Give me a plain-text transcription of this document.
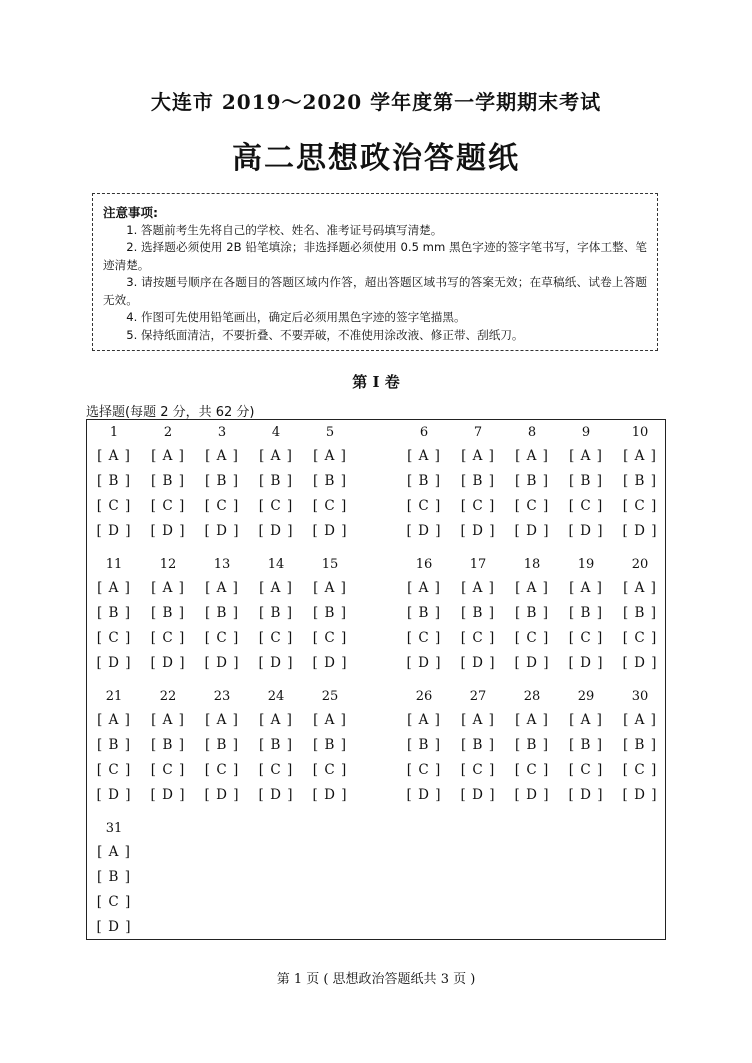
大连市 2019～2020 学年度第一学期期末考试
高二思想政治答题纸
注意事项:
1. 答题前考生先将自己的学校、姓名、准考证号码填写清楚。
2. 选择题必须使用 2B 铅笔填涂；非选择题必须使用 0.5 mm 黑色字迹的签字笔书写，字体工整、笔迹清楚。
3. 请按题号顺序在各题目的答题区域内作答，超出答题区域书写的答案无效；在草稿纸、试卷上答题无效。
4. 作图可先使用铅笔画出，确定后必须用黑色字迹的签字笔描黑。
5. 保持纸面清洁，不要折叠、不要弄破，不准使用涂改液、修正带、刮纸刀。
第 I 卷
选择题(每题 2 分，共 62 分)
1
[ A ]
[ B ]
[ C ]
[ D ]
2
[ A ]
[ B ]
[ C ]
[ D ]
3
[ A ]
[ B ]
[ C ]
[ D ]
4
[ A ]
[ B ]
[ C ]
[ D ]
5
[ A ]
[ B ]
[ C ]
[ D ]
6
[ A ]
[ B ]
[ C ]
[ D ]
7
[ A ]
[ B ]
[ C ]
[ D ]
8
[ A ]
[ B ]
[ C ]
[ D ]
9
[ A ]
[ B ]
[ C ]
[ D ]
10
[ A ]
[ B ]
[ C ]
[ D ]
11
[ A ]
[ B ]
[ C ]
[ D ]
12
[ A ]
[ B ]
[ C ]
[ D ]
13
[ A ]
[ B ]
[ C ]
[ D ]
14
[ A ]
[ B ]
[ C ]
[ D ]
15
[ A ]
[ B ]
[ C ]
[ D ]
16
[ A ]
[ B ]
[ C ]
[ D ]
17
[ A ]
[ B ]
[ C ]
[ D ]
18
[ A ]
[ B ]
[ C ]
[ D ]
19
[ A ]
[ B ]
[ C ]
[ D ]
20
[ A ]
[ B ]
[ C ]
[ D ]
21
[ A ]
[ B ]
[ C ]
[ D ]
22
[ A ]
[ B ]
[ C ]
[ D ]
23
[ A ]
[ B ]
[ C ]
[ D ]
24
[ A ]
[ B ]
[ C ]
[ D ]
25
[ A ]
[ B ]
[ C ]
[ D ]
26
[ A ]
[ B ]
[ C ]
[ D ]
27
[ A ]
[ B ]
[ C ]
[ D ]
28
[ A ]
[ B ]
[ C ]
[ D ]
29
[ A ]
[ B ]
[ C ]
[ D ]
30
[ A ]
[ B ]
[ C ]
[ D ]
31
[ A ]
[ B ]
[ C ]
[ D ]
第 1 页 ( 思想政治答题纸共 3 页 )
